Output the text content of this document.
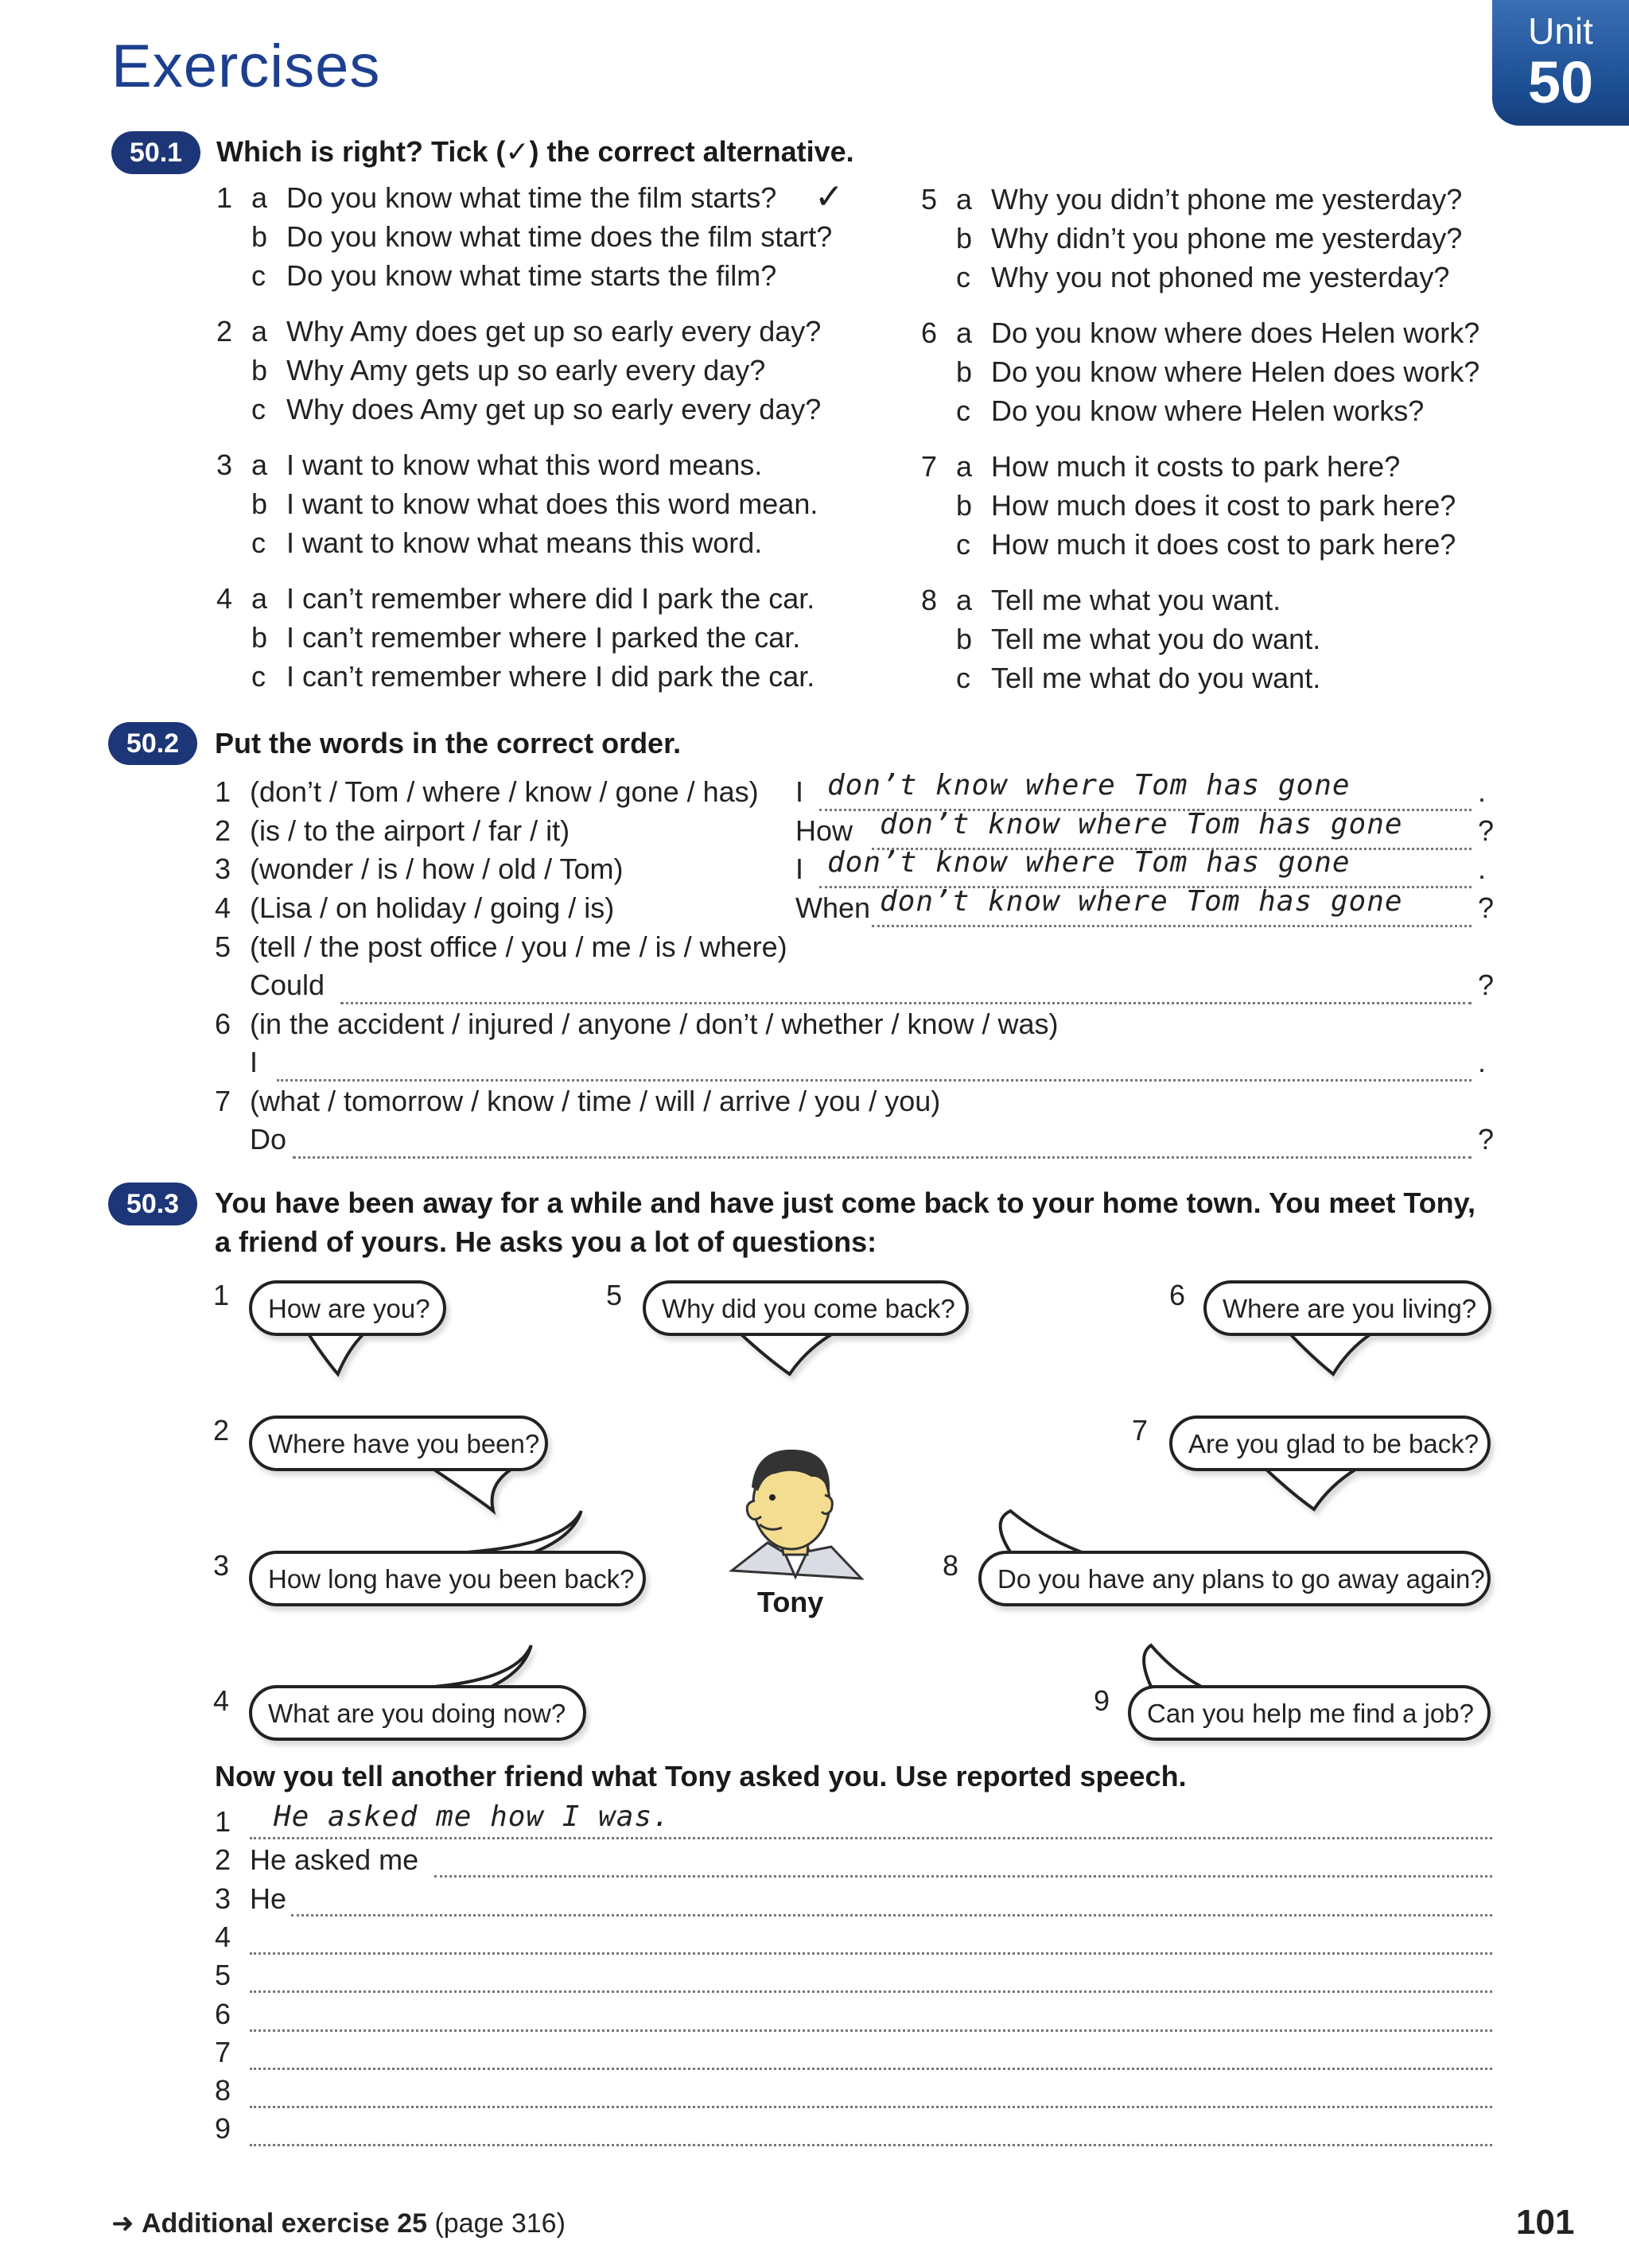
Exercises
Unit
50
50.1	Which is right? Tick (✓) the correct alternative.
1 a Do you know what time the film starts?
b Do you know what time does the film start?
c Do you know what time starts the film?
✓
2 a Why Amy does get up so early every day?
b Why Amy gets up so early every day?
c Why does Amy get up so early every day?
3 a I want to know what this word means.
b I want to know what does this word mean.
c I want to know what means this word.
4 a I can’t remember where did I park the car.
b I can’t remember where I parked the car.
c I can’t remember where I did park the car.
5 a Why you didn’t phone me yesterday?
b Why didn’t you phone me yesterday?
c Why you not phoned me yesterday?
6 a Do you know where does Helen work?
b Do you know where Helen does work?
c Do you know where Helen works?
7 a How much it costs to park here?
b How much does it cost to park here?
c How much it does cost to park here?
8 a Tell me what you want.
b Tell me what you do want.
c Tell me what do you want.
50.2	Put the words in the correct order.
1 (don’t / Tom / where / know / gone / has) I don’t know where Tom has gone	.
2 (is / to the airport / far / it)	How don’t know where Tom has gone	?
3 (wonder / is / how / old / Tom)	I don’t know where Tom has gone	.
4 (Lisa / on holiday / going / is)	When don’t know where Tom has gone	?
5 (tell / the post office / you / me / is / where)
Could	?
6 (in the accident / injured / anyone / don’t / whether / know / was)
I	.
7 (what / tomorrow / know / time / will / arrive / you / you)
Do	?
50.3	You have been away for a while and have just come back to your home town. You meet Tony,
a friend of yours. He asks you a lot of questions:
How are you?
Where have you been?
How long have you been back?
What are you doing now?
Why did you come back?	Where are you living?
Are you glad to be back?
Do you have any plans to go away again?
Can you help me find a job?
Tony
1
2
3
4
5	6
7
8
9
Now you tell another friend what Tony asked you. Use reported speech.
1 He asked me how I was.
2 He asked me
3 He
4
5
6
7
8
9
➜ Additional exercise 25 (page 316)	101
